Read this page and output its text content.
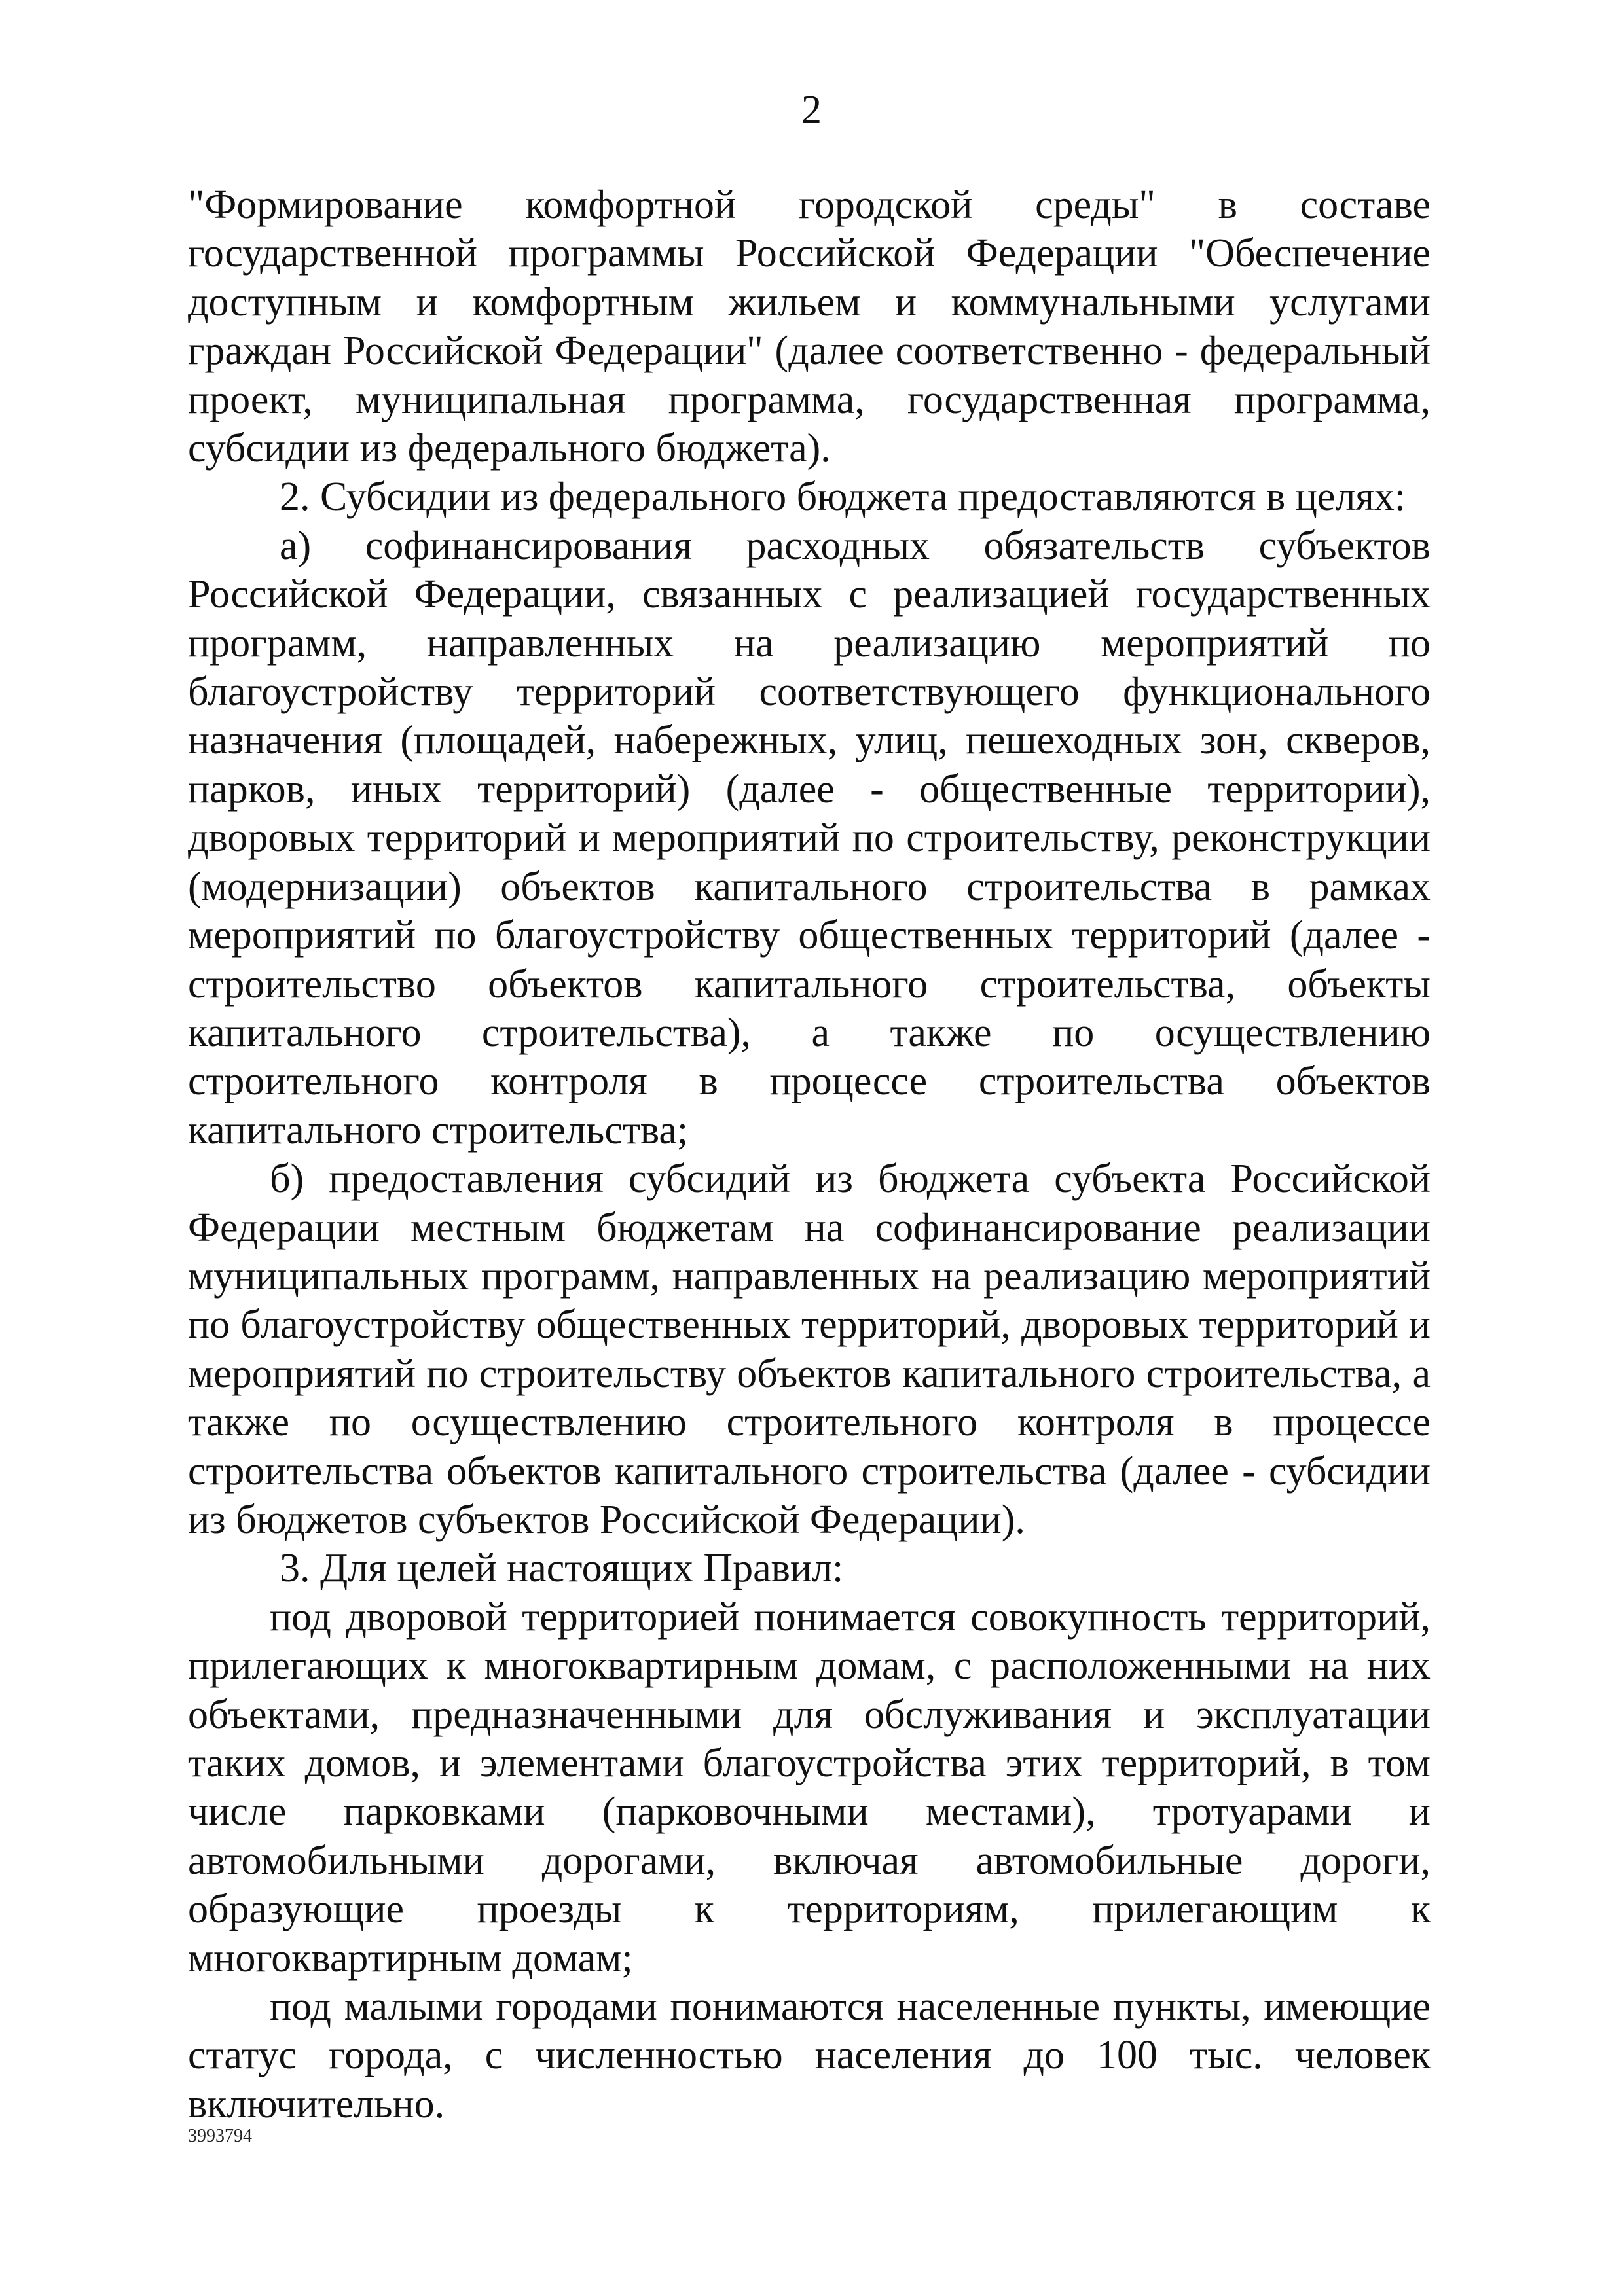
2

"Формирование комфортной городской среды" в составе государственной программы Российской Федерации "Обеспечение доступным и комфортным жильем и коммунальными услугами граждан Российской Федерации" (далее соответственно - федеральный проект, муниципальная программа, государственная программа, субсидии из федерального бюджета).

2. Субсидии из федерального бюджета предоставляются в целях:

а) софинансирования расходных обязательств субъектов Российской Федерации, связанных с реализацией государственных программ, направленных на реализацию мероприятий по благоустройству территорий соответствующего функционального назначения (площадей, набережных, улиц, пешеходных зон, скверов, парков, иных территорий) (далее - общественные территории), дворовых территорий и мероприятий по строительству, реконструкции (модернизации) объектов капитального строительства в рамках мероприятий по благоустройству общественных территорий (далее - строительство объектов капитального строительства, объекты капитального строительства), а также по осуществлению строительного контроля в процессе строительства объектов капитального строительства;

б) предоставления субсидий из бюджета субъекта Российской Федерации местным бюджетам на софинансирование реализации муниципальных программ, направленных на реализацию мероприятий по благоустройству общественных территорий, дворовых территорий и мероприятий по строительству объектов капитального строительства, а также по осуществлению строительного контроля в процессе строительства объектов капитального строительства (далее - субсидии из бюджетов субъектов Российской Федерации).

3. Для целей настоящих Правил:

под дворовой территорией понимается совокупность территорий, прилегающих к многоквартирным домам, с расположенными на них объектами, предназначенными для обслуживания и эксплуатации таких домов, и элементами благоустройства этих территорий, в том числе парковками (парковочными местами), тротуарами и автомобильными дорогами, включая автомобильные дороги, образующие проезды к территориям, прилегающим к многоквартирным домам;

под малыми городами понимаются населенные пункты, имеющие статус города, с численностью населения до 100 тыс. человек включительно.

3993794
